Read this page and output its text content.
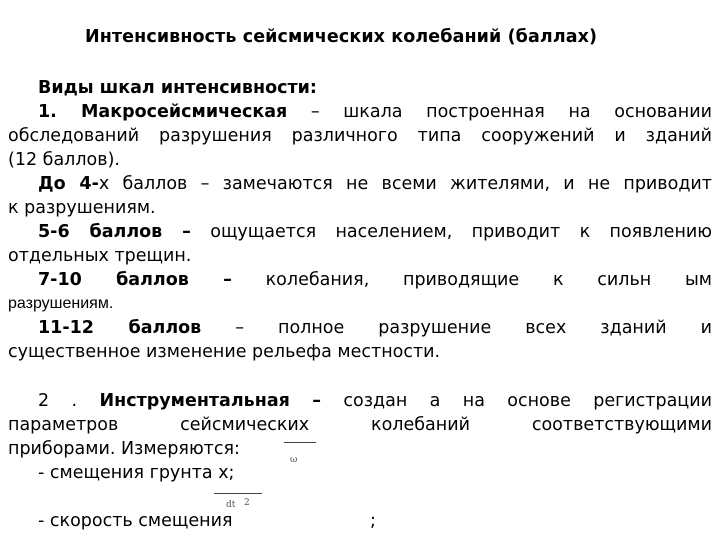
Интенсивность сейсмических колебаний (баллах)
Виды шкал интенсивности:
1. Макросейсмическая – шкала построенная на основании
обследований разрушения различного типа сооружений и зданий
(12 баллов).
До 4-х баллов – замечаются не всеми жителями, и не приводит
к разрушениям.
5-6 баллов – ощущается населением, приводит к появлению
отдельных трещин.
7-10 баллов – колебания, приводящие к сильн ым
разрушениям.
11-12 баллов – полное разрушение всех зданий и
существенное изменение рельефа местности.
2 . Инструментальная – создан а на основе регистрации
параметров сейсмических колебаний соответствующими
приборами. Измеряются:
- смещения грунта х;
- скорость смещения	;
ω
dt 2
